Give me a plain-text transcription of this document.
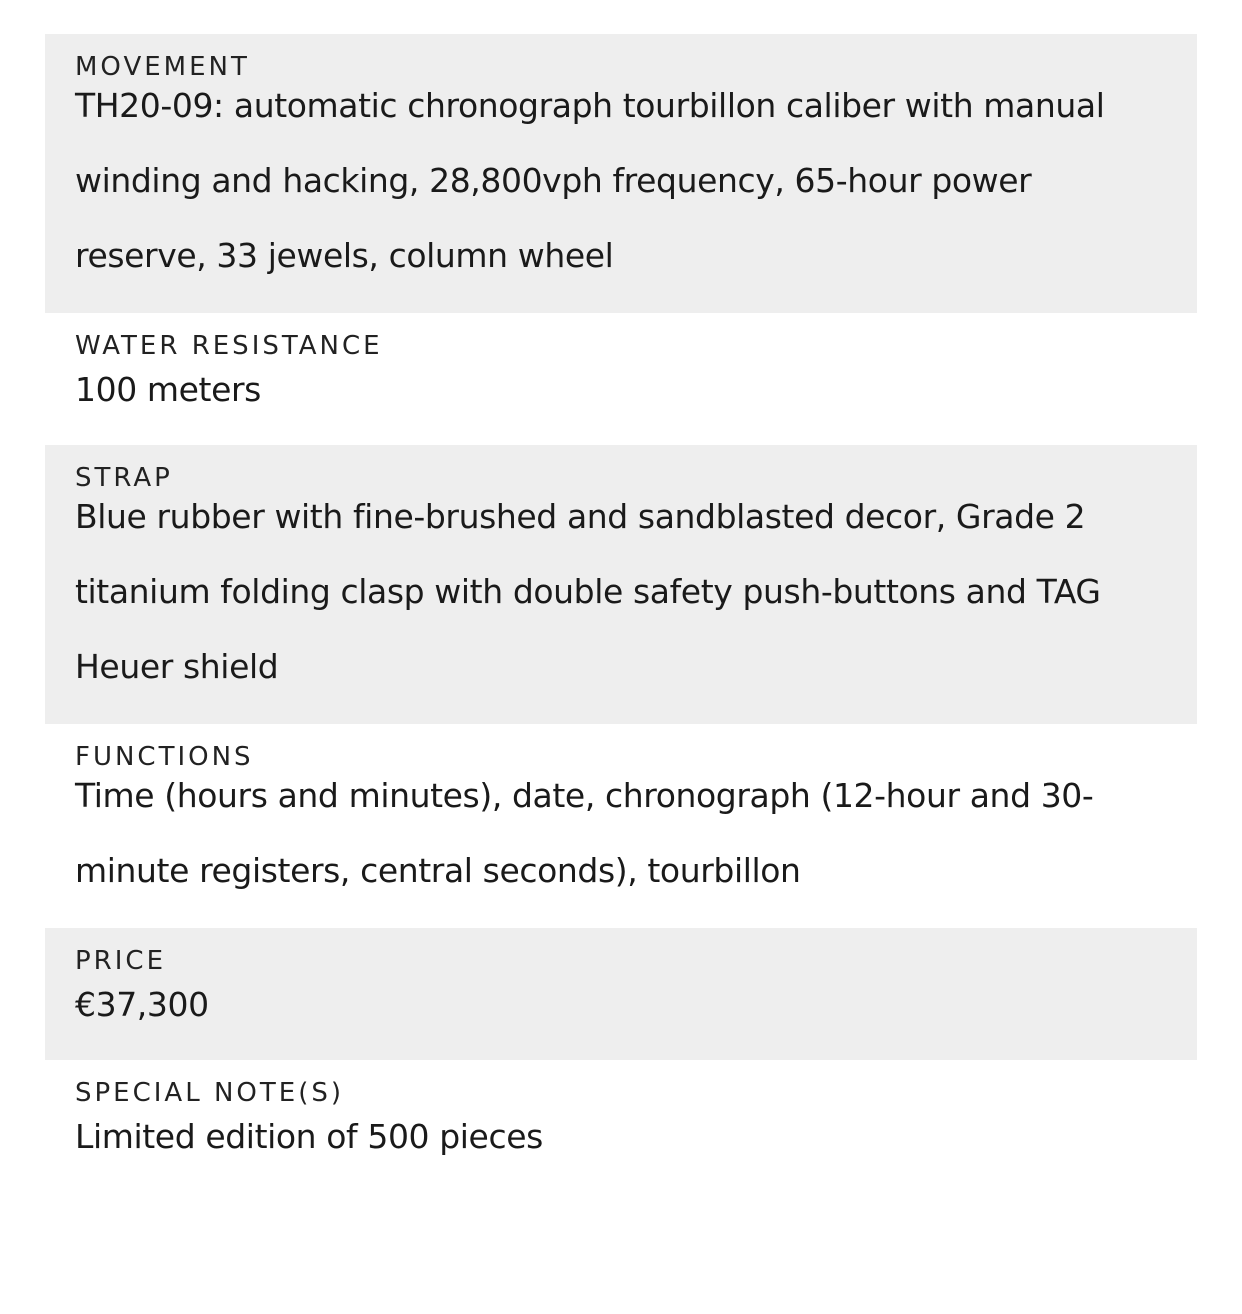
MOVEMENT
TH20-09: automatic chronograph tourbillon caliber with manual winding and hacking, 28,800vph frequency, 65-hour power reserve, 33 jewels, column wheel
WATER RESISTANCE
100 meters
STRAP
Blue rubber with fine-brushed and sandblasted decor, Grade 2 titanium folding clasp with double safety push-buttons and TAG Heuer shield
FUNCTIONS
Time (hours and minutes), date, chronograph (12-hour and 30-minute registers, central seconds), tourbillon
PRICE
€37,300
SPECIAL NOTE(S)
Limited edition of 500 pieces
